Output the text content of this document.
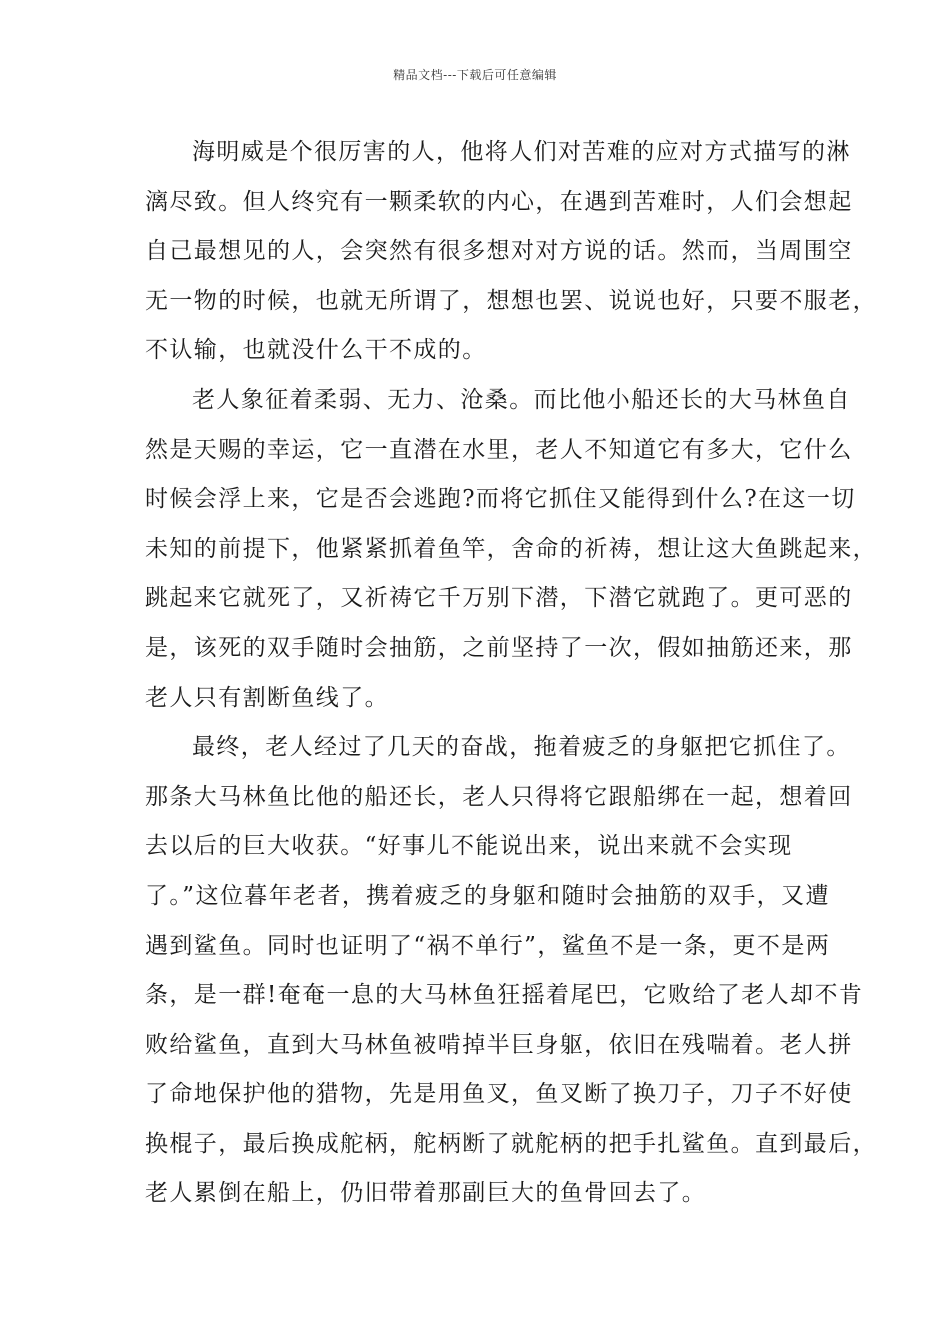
精品文档---下载后可任意编辑
海明威是个很厉害的人，他将人们对苦难的应对方式描写的淋
漓尽致。但人终究有一颗柔软的内心，在遇到苦难时，人们会想起
自己最想见的人，会突然有很多想对对方说的话。然而，当周围空
无一物的时候，也就无所谓了，想想也罢、说说也好，只要不服老，
不认输，也就没什么干不成的。
老人象征着柔弱、无力、沧桑。而比他小船还长的大马林鱼自
然是天赐的幸运，它一直潜在水里，老人不知道它有多大，它什么
时候会浮上来，它是否会逃跑?而将它抓住又能得到什么?在这一切
未知的前提下，他紧紧抓着鱼竿，舍命的祈祷，想让这大鱼跳起来，
跳起来它就死了，又祈祷它千万别下潜，下潜它就跑了。更可恶的
是，该死的双手随时会抽筋，之前坚持了一次，假如抽筋还来，那
老人只有割断鱼线了。
最终，老人经过了几天的奋战，拖着疲乏的身躯把它抓住了。
那条大马林鱼比他的船还长，老人只得将它跟船绑在一起，想着回
去以后的巨大收获。“好事儿不能说出来，说出来就不会实现
了。”这位暮年老者，携着疲乏的身躯和随时会抽筋的双手，又遭
遇到鲨鱼。同时也证明了“祸不单行”，鲨鱼不是一条，更不是两
条，是一群!奄奄一息的大马林鱼狂摇着尾巴，它败给了老人却不肯
败给鲨鱼，直到大马林鱼被啃掉半巨身躯，依旧在残喘着。老人拼
了命地保护他的猎物，先是用鱼叉，鱼叉断了换刀子，刀子不好使
换棍子，最后换成舵柄，舵柄断了就舵柄的把手扎鲨鱼。直到最后，
老人累倒在船上，仍旧带着那副巨大的鱼骨回去了。
